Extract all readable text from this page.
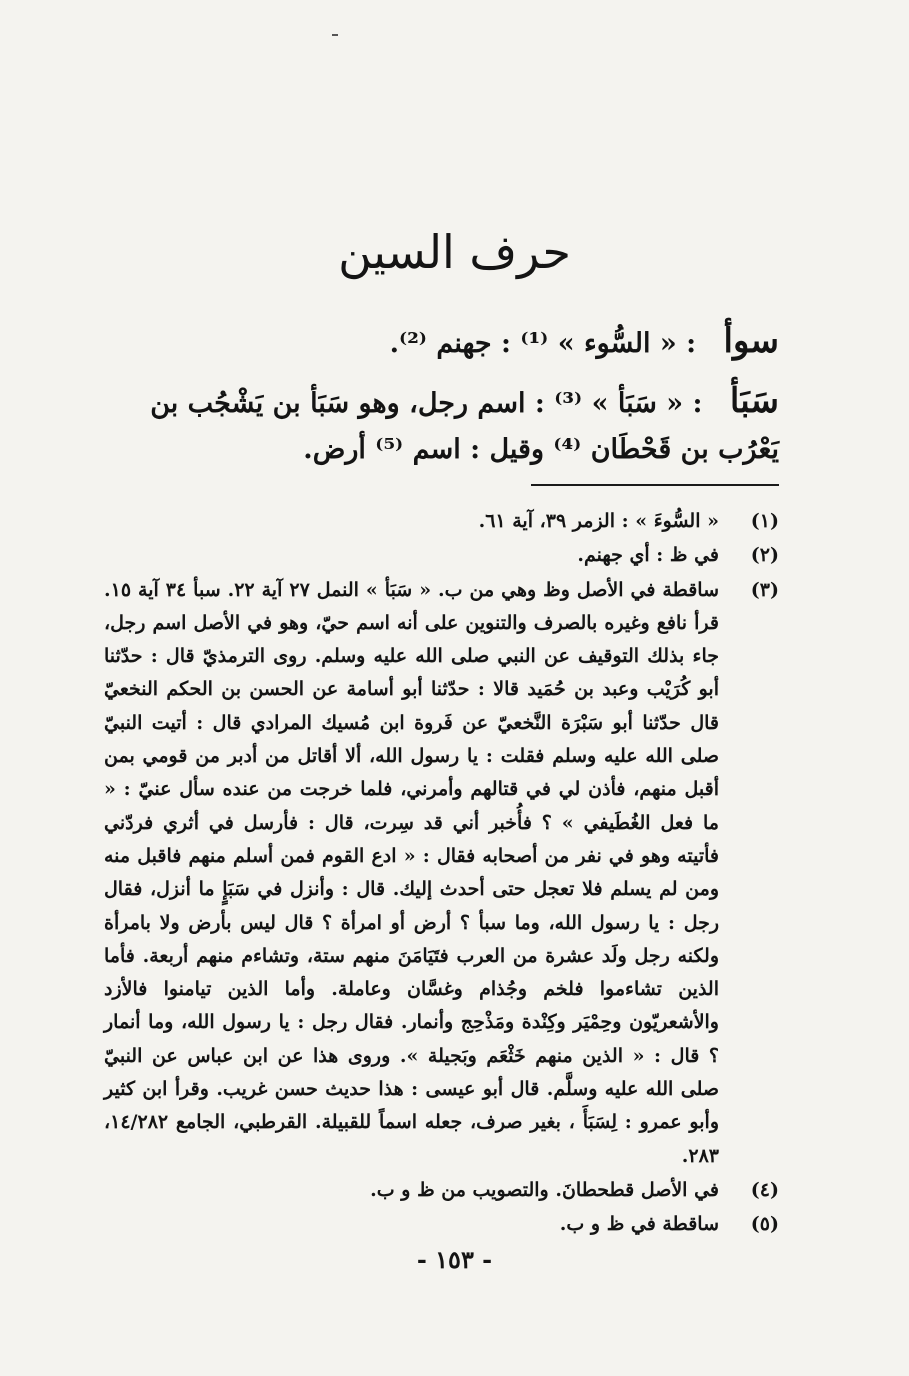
حرف السين
سوأ : « السُّوء » ⁽¹⁾ : جهنم ⁽²⁾.
سَبَأ : « سَبَأ » ⁽³⁾ : اسم رجل، وهو سَبَأ بن يَشْجُب بن يَعْرُب بن قَحْطَان ⁽⁴⁾ وقيل : اسم ⁽⁵⁾ أرض.
(١)
« السُّوءَ » : الزمر ٣٩، آية ٦١.
(٢)
في ظ : أي جهنم.
(٣)
ساقطة في الأصل وظ وهي من ب. « سَبَأ » النمل ٢٧ آية ٢٢. سبأ ٣٤ آية ١٥. قرأ نافع وغيره بالصرف والتنوين على أنه اسم حيّ، وهو في الأصل اسم رجل، جاء بذلك التوقيف عن النبي صلى الله عليه وسلم. روى الترمذيّ قال : حدّثنا أبو كُرَيْب وعبد بن حُمَيد قالا : حدّثنا أبو أسامة عن الحسن بن الحكم النخعيّ قال حدّثنا أبو سَبْرَة النَّخعيّ عن فَروة ابن مُسيك المرادي قال : أتيت النبيّ صلى الله عليه وسلم فقلت : يا رسول الله، ألا أقاتل من أدبر من قومي بمن أقبل منهم، فأذن لي في قتالهم وأمرني، فلما خرجت من عنده سأل عنيّ : « ما فعل الغُطَيفي » ؟ فأُخبر أني قد سِرت، قال : فأرسل في أثري فردّني فأتيته وهو في نفر من أصحابه فقال : « ادع القوم فمن أسلم منهم فاقبل منه ومن لم يسلم فلا تعجل حتى أحدث إليك. قال : وأنزل في سَبَإٍ ما أنزل، فقال رجل : يا رسول الله، وما سبأ ؟ أرض أو امرأة ؟ قال ليس بأرض ولا بامرأة ولكنه رجل ولَد عشرة من العرب فتَيَامَنَ منهم ستة، وتشاءم منهم أربعة. فأما الذين تشاءموا فلخم وجُذام وغسَّان وعاملة. وأما الذين تيامنوا فالأزد والأشعريّون وحِمْيَر وكِنْدة ومَذْحِج وأنمار. فقال رجل : يا رسول الله، وما أنمار ؟ قال : « الذين منهم خَثْعَم وبَجيلة ». وروى هذا عن ابن عباس عن النبيّ صلى الله عليه وسلَّم. قال أبو عيسى : هذا حديث حسن غريب. وقرأ ابن كثير وأبو عمرو : لِسَبَأَ ، بغير صرف، جعله اسماً للقبيلة. القرطبي، الجامع ١٤/٢٨٢، ٢٨٣.
(٤)
في الأصل قطحطانَ. والتصويب من ظ و ب.
(٥)
ساقطة في ظ و ب.
- ١٥٣ -
